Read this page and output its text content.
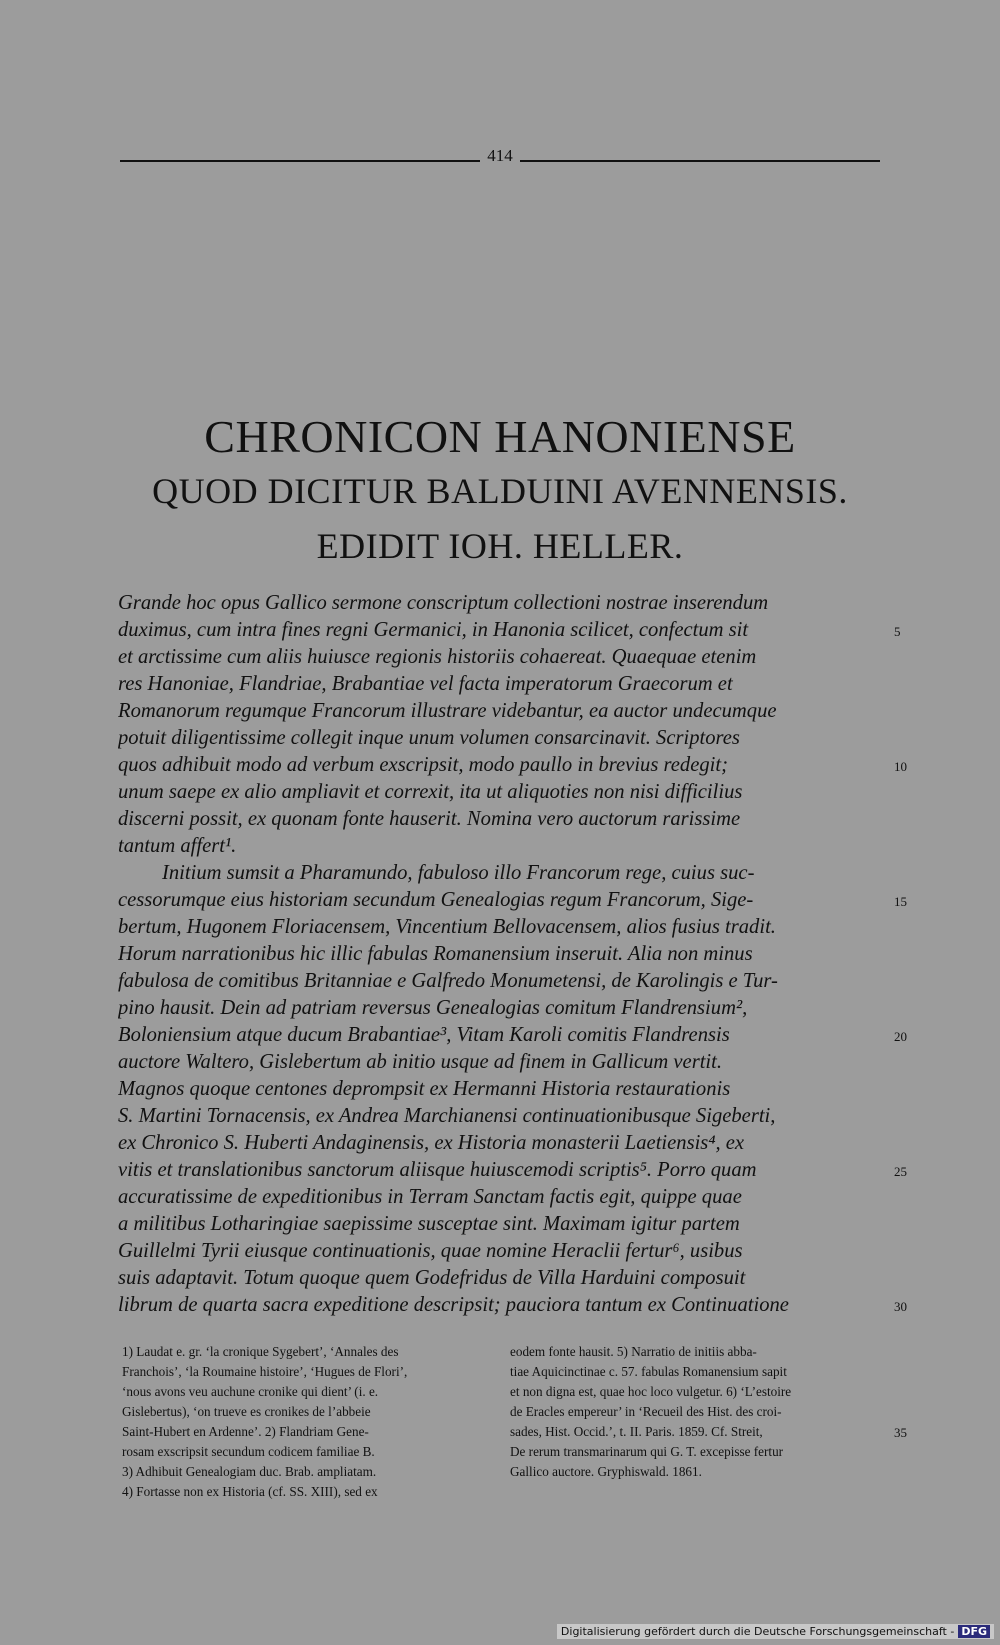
414
CHRONICON HANONIENSE
QUOD DICITUR BALDUINI AVENNENSIS.
EDIDIT IOH. HELLER.
Grande hoc opus Gallico sermone conscriptum collectioni nostrae inserendum
duximus, cum intra fines regni Germanici, in Hanonia scilicet, confectum sit
et arctissime cum aliis huiusce regionis historiis cohaereat. Quaequae etenim
res Hanoniae, Flandriae, Brabantiae vel facta imperatorum Graecorum et
Romanorum regumque Francorum illustrare videbantur, ea auctor undecumque
potuit diligentissime collegit inque unum volumen consarcinavit. Scriptores
quos adhibuit modo ad verbum exscripsit, modo paullo in brevius redegit;
unum saepe ex alio ampliavit et correxit, ita ut aliquoties non nisi difficilius
discerni possit, ex quonam fonte hauserit. Nomina vero auctorum rarissime
tantum affert¹.
Initium sumsit a Pharamundo, fabuloso illo Francorum rege, cuius suc-
cessorumque eius historiam secundum Genealogias regum Francorum, Sige-
bertum, Hugonem Floriacensem, Vincentium Bellovacensem, alios fusius tradit.
Horum narrationibus hic illic fabulas Romanensium inseruit. Alia non minus
fabulosa de comitibus Britanniae e Galfredo Monumetensi, de Karolingis e Tur-
pino hausit. Dein ad patriam reversus Genealogias comitum Flandrensium²,
Boloniensium atque ducum Brabantiae³, Vitam Karoli comitis Flandrensis
auctore Waltero, Gislebertum ab initio usque ad finem in Gallicum vertit.
Magnos quoque centones deprompsit ex Hermanni Historia restaurationis
S. Martini Tornacensis, ex Andrea Marchianensi continuationibusque Sigeberti,
ex Chronico S. Huberti Andaginensis, ex Historia monasterii Laetiensis⁴, ex
vitis et translationibus sanctorum aliisque huiuscemodi scriptis⁵. Porro quam
accuratissime de expeditionibus in Terram Sanctam factis egit, quippe quae
a militibus Lotharingiae saepissime susceptae sint. Maximam igitur partem
Guillelmi Tyrii eiusque continuationis, quae nomine Heraclii fertur⁶, usibus
suis adaptavit. Totum quoque quem Godefridus de Villa Harduini composuit
librum de quarta sacra expeditione descripsit; pauciora tantum ex Continuatione
5
10
15
20
25
30
35
1) Laudat e. gr. ‘la cronique Sygebert’, ‘Annales des
Franchois’, ‘la Roumaine histoire’, ‘Hugues de Flori’,
‘nous avons veu auchune cronike qui dient’ (i. e.
Gislebertus), ‘on trueve es cronikes de l’abbeie
Saint-Hubert en Ardenne’. 2) Flandriam Gene-
rosam exscripsit secundum codicem familiae B.
3) Adhibuit Genealogiam duc. Brab. ampliatam.
4) Fortasse non ex Historia (cf. SS. XIII), sed ex
eodem fonte hausit. 5) Narratio de initiis abba-
tiae Aquicinctinae c. 57. fabulas Romanensium sapit
et non digna est, quae hoc loco vulgetur. 6) ‘L’estoire
de Eracles empereur’ in ‘Recueil des Hist. des croi-
sades, Hist. Occid.’, t. II. Paris. 1859. Cf. Streit,
De rerum transmarinarum qui G. T. excepisse fertur
Gallico auctore. Gryphiswald. 1861.
Digitalisierung gefördert durch die Deutsche Forschungsgemeinschaft - DFG
